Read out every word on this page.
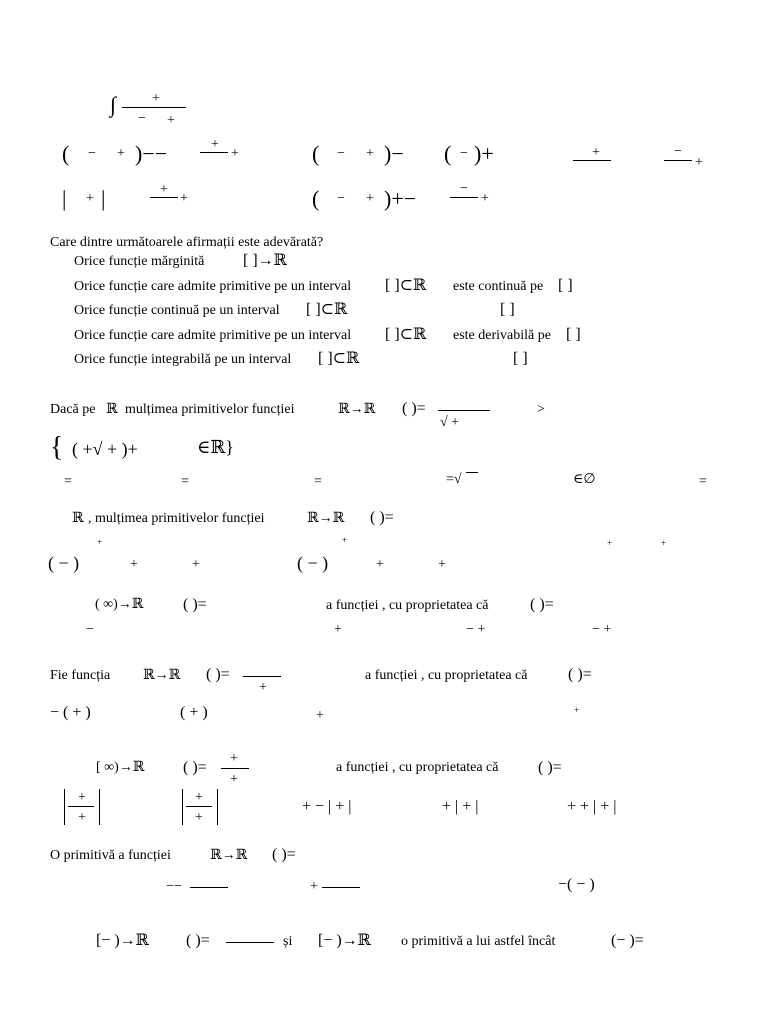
∫	+
− +
( − + )−−	+
+	( − + )− ( − )+	+	−
+
| + |	+
+	( − + )+−	−
+
Care dintre următoarele afirmații este adevărată?
Orice funcție mărginită [ ]→ℝ
Orice funcție care admite primitive pe un interval [ ]⊂ℝ este continuă pe [ ]
Orice funcție continuă pe un interval [ ]⊂ℝ	[ ]
Orice funcție care admite primitive pe un interval [ ]⊂ℝ este derivabilă pe [ ]
Orice funcție integrabilă pe un interval [ ]⊂ℝ	[ ]
Dacă pe ℝ mulțimea primitivelor funcției	ℝ→ℝ ( )=
√ +
>
{ ( +√ + )+	∈ℝ}
=	=	=	=√	∈∅	=
ℝ , mulțimea primitivelor funcției	ℝ→ℝ ( )=
+	+	+	+
( − )	+	+	( − )	+	+
( ∞)→ℝ ( )=	a funcției , cu proprietatea că	( )=
−	+	− +	− +
Fie funcția ℝ→ℝ ( )=
+
a funcției , cu proprietatea că	( )=
− ( + )	( + )	+	+
[ ∞)→ℝ ( )=
+
+
a funcției , cu proprietatea că ( )=
+
+
+
+
+ − | + |	+ | + |	+ + | + |
O primitivă a funcției	ℝ→ℝ ( )=
−−	+	−( − )
[− )→ℝ ( )=	și [− )→ℝ o primitivă a lui astfel încât	(− )=
